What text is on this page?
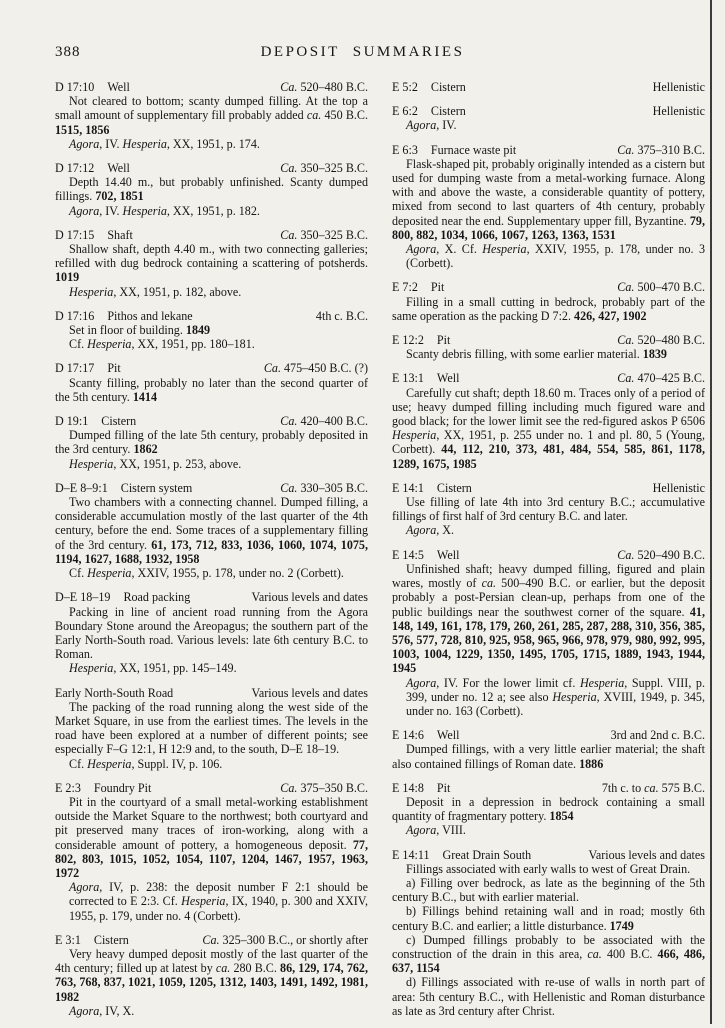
388	DEPOSIT SUMMARIES
D 17:10 Well	Ca. 520–480 B.C.

Not cleared to bottom; scanty dumped filling. At the top a small amount of supplementary fill probably added ca. 450 B.C. 1515, 1856

Agora, IV. Hesperia, XX, 1951, p. 174.

D 17:12 Well	Ca. 350–325 B.C.

Depth 14.40 m., but probably unfinished. Scanty dumped fillings. 702, 1851

Agora, IV. Hesperia, XX, 1951, p. 182.

D 17:15 Shaft	Ca. 350–325 B.C.

Shallow shaft, depth 4.40 m., with two connecting galleries; refilled with dug bedrock containing a scattering of potsherds. 1019

Hesperia, XX, 1951, p. 182, above.

D 17:16 Pithos and lekane	4th c. B.C.

Set in floor of building. 1849

Cf. Hesperia, XX, 1951, pp. 180–181.

D 17:17 Pit	Ca. 475–450 B.C. (?)

Scanty filling, probably no later than the second quarter of the 5th century. 1414

D 19:1 Cistern	Ca. 420–400 B.C.

Dumped filling of the late 5th century, probably deposited in the 3rd century. 1862

Hesperia, XX, 1951, p. 253, above.

D–E 8–9:1 Cistern system	Ca. 330–305 B.C.

Two chambers with a connecting channel. Dumped filling, a considerable accumulation mostly of the last quarter of the 4th century, before the end. Some traces of a supplementary filling of the 3rd century. 61, 173, 712, 833, 1036, 1060, 1074, 1075, 1194, 1627, 1688, 1932, 1958

Cf. Hesperia, XXIV, 1955, p. 178, under no. 2 (Corbett).

D–E 18–19 Road packing	Various levels and dates

Packing in line of ancient road running from the Agora Boundary Stone around the Areopagus; the southern part of the Early North-South road. Various levels: late 6th century B.C. to Roman.

Hesperia, XX, 1951, pp. 145–149.

Early North-South Road	Various levels and dates

The packing of the road running along the west side of the Market Square, in use from the earliest times. The levels in the road have been explored at a number of different points; see especially F–G 12:1, H 12:9 and, to the south, D–E 18–19.

Cf. Hesperia, Suppl. IV, p. 106.

E 2:3 Foundry Pit	Ca. 375–350 B.C.

Pit in the courtyard of a small metal-working establishment outside the Market Square to the northwest; both courtyard and pit preserved many traces of iron-working, along with a considerable amount of pottery, a homogeneous deposit. 77, 802, 803, 1015, 1052, 1054, 1107, 1204, 1467, 1957, 1963, 1972

Agora, IV, p. 238: the deposit number F 2:1 should be corrected to E 2:3. Cf. Hesperia, IX, 1940, p. 300 and XXIV, 1955, p. 179, under no. 4 (Corbett).

E 3:1 Cistern	Ca. 325–300 B.C., or shortly after

Very heavy dumped deposit mostly of the last quarter of the 4th century; filled up at latest by ca. 280 B.C. 86, 129, 174, 762, 763, 768, 837, 1021, 1059, 1205, 1312, 1403, 1491, 1492, 1981, 1982

Agora, IV, X.

E 5:2 Cistern	Hellenistic
E 6:2 Cistern	Hellenistic

Agora, IV.

E 6:3 Furnace waste pit	Ca. 375–310 B.C.

Flask-shaped pit, probably originally intended as a cistern but used for dumping waste from a metal-working furnace. Along with and above the waste, a considerable quantity of pottery, mixed from second to last quarters of 4th century, probably deposited near the end. Supplementary upper fill, Byzantine. 79, 800, 882, 1034, 1066, 1067, 1263, 1363, 1531

Agora, X. Cf. Hesperia, XXIV, 1955, p. 178, under no. 3 (Corbett).

E 7:2 Pit	Ca. 500–470 B.C.

Filling in a small cutting in bedrock, probably part of the same operation as the packing D 7:2. 426, 427, 1902

E 12:2 Pit	Ca. 520–480 B.C.

Scanty debris filling, with some earlier material. 1839

E 13:1 Well	Ca. 470–425 B.C.

Carefully cut shaft; depth 18.60 m. Traces only of a period of use; heavy dumped filling including much figured ware and good black; for the lower limit see the red-figured askos P 6506 Hesperia, XX, 1951, p. 255 under no. 1 and pl. 80, 5 (Young, Corbett). 44, 112, 210, 373, 481, 484, 554, 585, 861, 1178, 1289, 1675, 1985

E 14:1 Cistern	Hellenistic

Use filling of late 4th into 3rd century B.C.; accumulative fillings of first half of 3rd century B.C. and later.

Agora, X.

E 14:5 Well	Ca. 520–490 B.C.

Unfinished shaft; heavy dumped filling, figured and plain wares, mostly of ca. 500–490 B.C. or earlier, but the deposit probably a post-Persian clean-up, perhaps from one of the public buildings near the southwest corner of the square. 41, 148, 149, 161, 178, 179, 260, 261, 285, 287, 288, 310, 356, 385, 576, 577, 728, 810, 925, 958, 965, 966, 978, 979, 980, 992, 995, 1003, 1004, 1229, 1350, 1495, 1705, 1715, 1889, 1943, 1944, 1945

Agora, IV. For the lower limit cf. Hesperia, Suppl. VIII, p. 399, under no. 12 a; see also Hesperia, XVIII, 1949, p. 345, under no. 163 (Corbett).

E 14:6 Well	3rd and 2nd c. B.C.

Dumped fillings, with a very little earlier material; the shaft also contained fillings of Roman date. 1886

E 14:8 Pit	7th c. to ca. 575 B.C.

Deposit in a depression in bedrock containing a small quantity of fragmentary pottery. 1854

Agora, VIII.

E 14:11 Great Drain South	Various levels and dates

Fillings associated with early walls to west of Great Drain.

a) Filling over bedrock, as late as the beginning of the 5th century B.C., but with earlier material.

b) Fillings behind retaining wall and in road; mostly 6th century B.C. and earlier; a little disturbance. 1749

c) Dumped fillings probably to be associated with the construction of the drain in this area, ca. 400 B.C. 466, 486, 637, 1154

d) Fillings associated with re-use of walls in north part of area: 5th century B.C., with Hellenistic and Roman disturbance as late as 3rd century after Christ.
